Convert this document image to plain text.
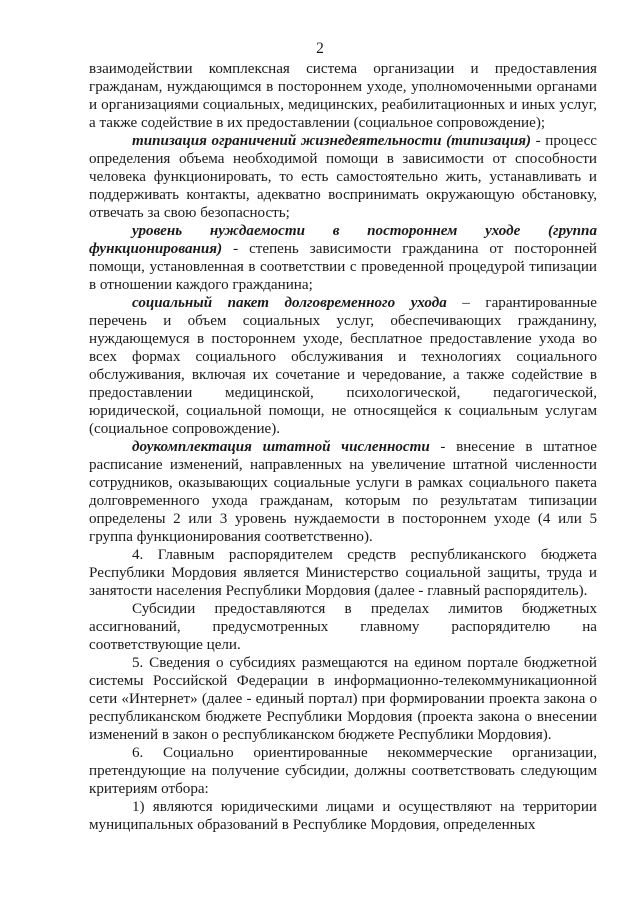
2

взаимодействии комплексная система организации и предоставления гражданам, нуждающимся в постороннем уходе, уполномоченными органами и организациями социальных, медицинских, реабилитационных и иных услуг, а также содействие в их предоставлении (социальное сопровождение);

типизация ограничений жизнедеятельности (типизация) - процесс определения объема необходимой помощи в зависимости от способности человека функционировать, то есть самостоятельно жить, устанавливать и поддерживать контакты, адекватно воспринимать окружающую обстановку, отвечать за свою безопасность;

уровень нуждаемости в постороннем уходе (группа функционирования) - степень зависимости гражданина от посторонней помощи, установленная в соответствии с проведенной процедурой типизации в отношении каждого гражданина;

социальный пакет долговременного ухода – гарантированные перечень и объем социальных услуг, обеспечивающих гражданину, нуждающемуся в постороннем уходе, бесплатное предоставление ухода во всех формах социального обслуживания и технологиях социального обслуживания, включая их сочетание и чередование, а также содействие в предоставлении медицинской, психологической, педагогической, юридической, социальной помощи, не относящейся к социальным услугам (социальное сопровождение).

доукомплектация штатной численности - внесение в штатное расписание изменений, направленных на увеличение штатной численности сотрудников, оказывающих социальные услуги в рамках социального пакета долговременного ухода гражданам, которым по результатам типизации определены 2 или 3 уровень нуждаемости в постороннем уходе (4 или 5 группа функционирования соответственно).

4. Главным распорядителем средств республиканского бюджета Республики Мордовия является Министерство социальной защиты, труда и занятости населения Республики Мордовия (далее - главный распорядитель).

Субсидии предоставляются в пределах лимитов бюджетных ассигнований, предусмотренных главному распорядителю на соответствующие цели.

5. Сведения о субсидиях размещаются на едином портале бюджетной системы Российской Федерации в информационно-телекоммуникационной сети «Интернет» (далее - единый портал) при формировании проекта закона о республиканском бюджете Республики Мордовия (проекта закона о внесении изменений в закон о республиканском бюджете Республики Мордовия).

6. Социально ориентированные некоммерческие организации, претендующие на получение субсидии, должны соответствовать следующим критериям отбора:

1) являются юридическими лицами и осуществляют на территории муниципальных образований в Республике Мордовия, определенных
